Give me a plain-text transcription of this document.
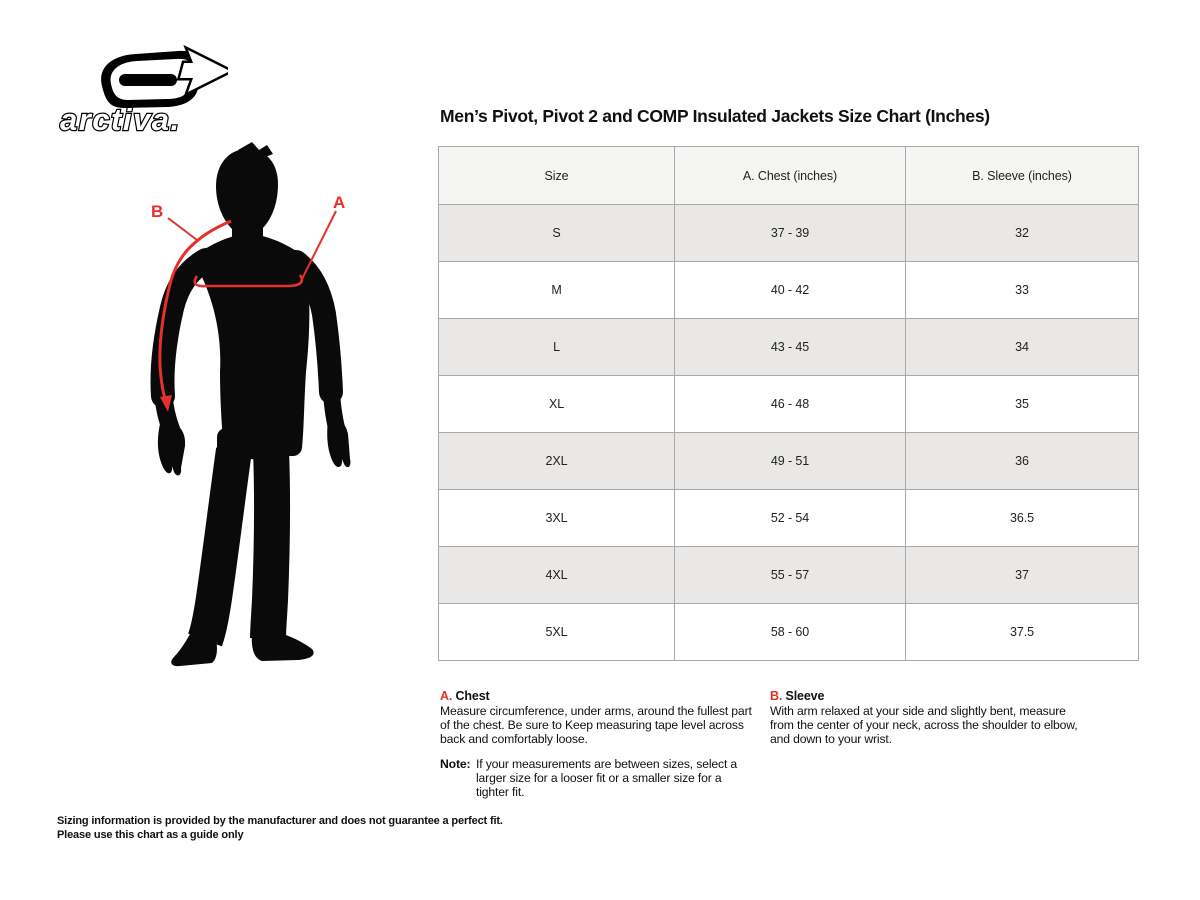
arctiva.	Men’s Pivot, Pivot 2 and COMP Insulated Jackets Size Chart (Inches)
A
B
Size	A. Chest (inches)	B. Sleeve (inches)
S	37 - 39	32
M	40 - 42	33
L	43 - 45	34
XL	46 - 48	35
2XL	49 - 51	36
3XL	52 - 54	36.5
4XL	55 - 57	37
5XL	58 - 60	37.5
A. Chest
Measure circumference, under arms, around the fullest part of the chest. Be sure to Keep measuring tape level across back and comfortably loose.
B. Sleeve
With arm relaxed at your side and slightly bent, measure from the center of your neck, across the shoulder to elbow, and down to your wrist.
Note: If your measurements are between sizes, select a larger size for a looser fit or a smaller size for a tighter fit.
Sizing information is provided by the manufacturer and does not guarantee a perfect fit.
Please use this chart as a guide only
